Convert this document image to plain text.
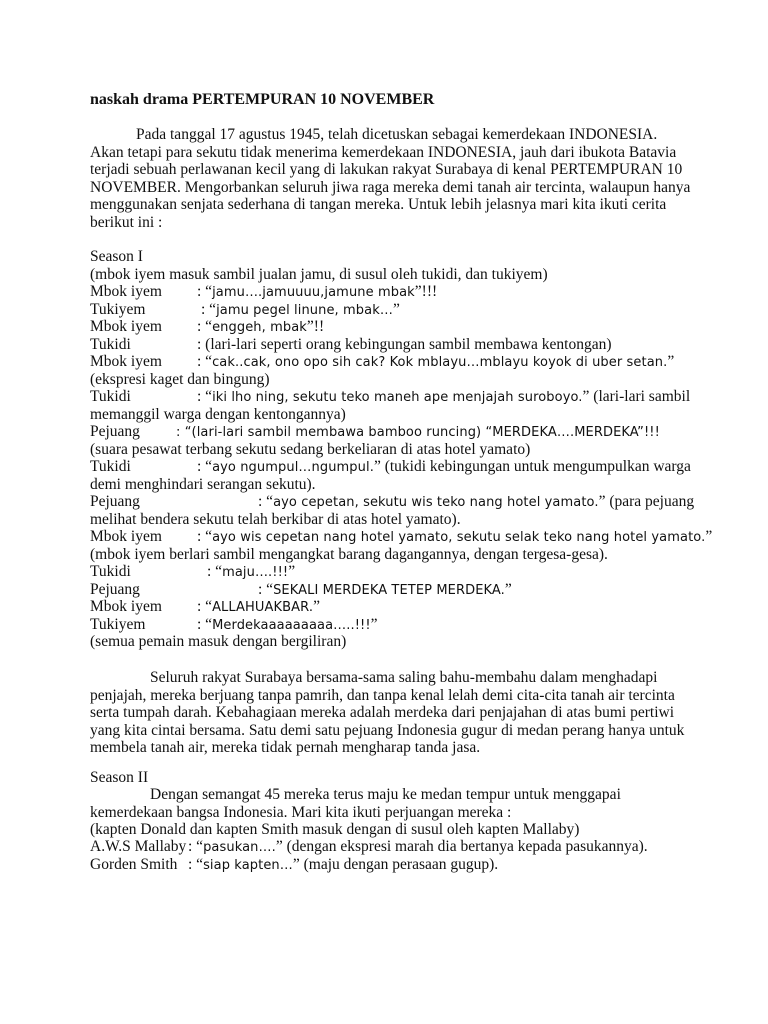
naskah drama PERTEMPURAN 10 NOVEMBER
Pada tanggal 17 agustus 1945, telah dicetuskan sebagai kemerdekaan INDONESIA.
Akan tetapi para sekutu tidak menerima kemerdekaan INDONESIA, jauh dari ibukota Batavia
terjadi sebuah perlawanan kecil yang di lakukan rakyat Surabaya di kenal PERTEMPURAN 10
NOVEMBER. Mengorbankan seluruh jiwa raga mereka demi tanah air tercinta, walaupun hanya
menggunakan senjata sederhana di tangan mereka. Untuk lebih jelasnya mari kita ikuti cerita
berikut ini :
Season I
(mbok iyem masuk sambil jualan jamu, di susul oleh tukidi, dan tukiyem)
Mbok iyem : “jamu….jamuuuu,jamune mbak”!!!
Tukiyem	: “jamu pegel linune, mbak…”
Mbok iyem : “enggeh, mbak”!!
Tukidi	: (lari-lari seperti orang kebingungan sambil membawa kentongan)
Mbok iyem : “cak..cak, ono opo sih cak? Kok mblayu…mblayu koyok di uber setan.”
(ekspresi kaget dan bingung)
Tukidi	: “iki lho ning, sekutu teko maneh ape menjajah suroboyo.” (lari-lari sambil
memanggil warga dengan kentongannya)
Pejuang	: “(lari-lari sambil membawa bamboo runcing) “MERDEKA….MERDEKA”!!!
(suara pesawat terbang sekutu sedang berkeliaran di atas hotel yamato)
Tukidi	: “ayo ngumpul…ngumpul.” (tukidi kebingungan untuk mengumpulkan warga
demi menghindari serangan sekutu).
Pejuang	: “ayo cepetan, sekutu wis teko nang hotel yamato.” (para pejuang
melihat bendera sekutu telah berkibar di atas hotel yamato).
Mbok iyem : “ayo wis cepetan nang hotel yamato, sekutu selak teko nang hotel yamato.”
(mbok iyem berlari sambil mengangkat barang dagangannya, dengan tergesa-gesa).
Tukidi	: “maju….!!!”
Pejuang	: “SEKALI MERDEKA TETEP MERDEKA.”
Mbok iyem : “ALLAHUAKBAR.”
Tukiyem	: “Merdekaaaaaaaaa…..!!!”
(semua pemain masuk dengan bergiliran)
Seluruh rakyat Surabaya bersama-sama saling bahu-membahu dalam menghadapi
penjajah, mereka berjuang tanpa pamrih, dan tanpa kenal lelah demi cita-cita tanah air tercinta
serta tumpah darah. Kebahagiaan mereka adalah merdeka dari penjajahan di atas bumi pertiwi
yang kita cintai bersama. Satu demi satu pejuang Indonesia gugur di medan perang hanya untuk
membela tanah air, mereka tidak pernah mengharap tanda jasa.
Season II
Dengan semangat 45 mereka terus maju ke medan tempur untuk menggapai
kemerdekaan bangsa Indonesia. Mari kita ikuti perjuangan mereka :
(kapten Donald dan kapten Smith masuk dengan di susul oleh kapten Mallaby)
A.W.S Mallaby : “pasukan….” (dengan ekspresi marah dia bertanya kepada pasukannya).
Gorden Smith : “siap kapten…” (maju dengan perasaan gugup).
